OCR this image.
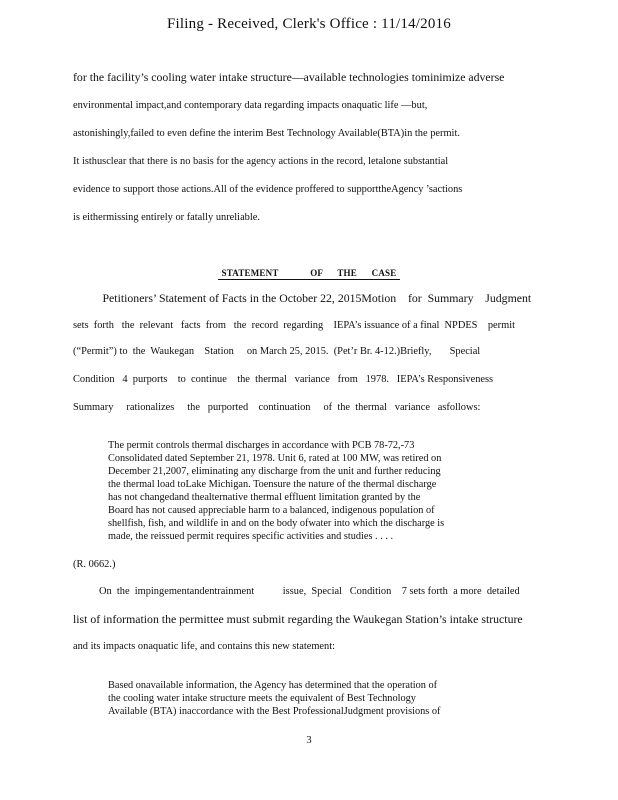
Filing - Received, Clerk's Office : 11/14/2016
for the facility’s cooling water intake structure—available technologies tominimize adverse
environmental impact,and contemporary data regarding impacts onaquatic life —but,
astonishingly,failed to even define the interim Best Technology Available(BTA)in the permit.
It isthusclear that there is no basis for the agency actions in the record, letalone substantial
evidence to support those actions.All of the evidence proffered to supporttheAgency ’sactions
is eithermissing entirely or fatally unreliable.
STATEMENT             OF      THE      CASE
Petitioners’ Statement of Facts in the October 22, 2015Motion    for  Summary    Judgment
sets  forth   the  relevant   facts  from   the  record  regarding    IEPA’s issuance of a final  NPDES    permit
(“Permit”) to  the  Waukegan    Station     on March 25, 2015.  (Pet’r Br. 4-12.)Briefly,       Special
Condition   4  purports    to  continue    the  thermal   variance   from   1978.   IEPA’s Responsiveness
Summary     rationalizes     the   purported    continuation     of  the  thermal   variance   asfollows:
The permit controls thermal discharges in accordance with PCB 78-72,-73
Consolidated dated September 21, 1978. Unit 6, rated at 100 MW, was retired on
December 21,2007, eliminating any discharge from the unit and further reducing
the thermal load toLake Michigan. Toensure the nature of the thermal discharge
has not changedand thealternative thermal effluent limitation granted by the
Board has not caused appreciable harm to a balanced, indigenous population of
shellfish, fish, and wildlife in and on the body ofwater into which the discharge is
made, the reissued permit requires specific activities and studies . . . .
(R. 0662.)
On  the  impingementandentrainment           issue,  Special   Condition    7 sets forth  a more  detailed
list of information the permittee must submit regarding the Waukegan Station’s intake structure
and its impacts onaquatic life, and contains this new statement:
Based onavailable information, the Agency has determined that the operation of
the cooling water intake structure meets the equivalent of Best Technology
Available (BTA) inaccordance with the Best ProfessionalJudgment provisions of
3
